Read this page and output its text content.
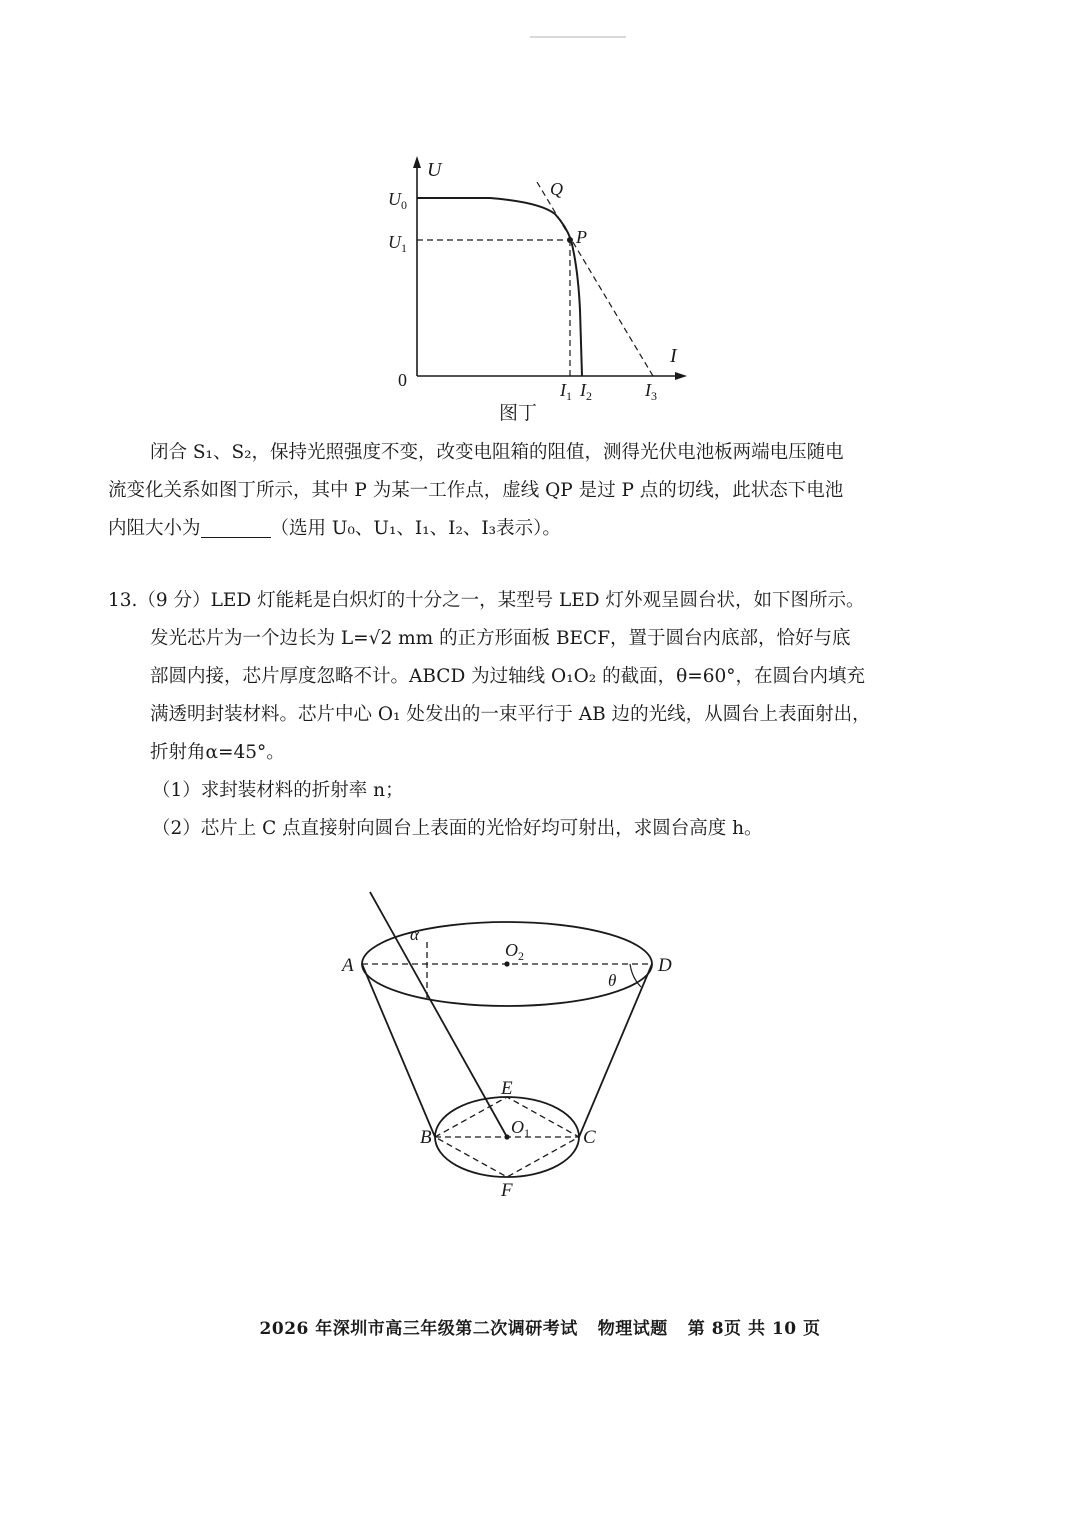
U
I
0
$U_0$
$U_1$
P
Q
$I_1$ $I_2$	$I_3$
图丁
闭合 S₁、S₂，保持光照强度不变，改变电阻箱的阻值，测得光伏电池板两端电压随电
流变化关系如图丁所示，其中 P 为某一工作点，虚线 QP 是过 P 点的切线，此状态下电池
内阻大小为	（选用 U₀、U₁、I₁、I₂、I₃表示）。
13.（9 分）LED 灯能耗是白炽灯的十分之一，某型号 LED 灯外观呈圆台状，如下图所示。
发光芯片为一个边长为 L=√2 mm 的正方形面板 BECF，置于圆台内底部，恰好与底
部圆内接，芯片厚度忽略不计。ABCD 为过轴线 O₁O₂ 的截面，θ=60°，在圆台内填充
满透明封装材料。芯片中心 O₁ 处发出的一束平行于 AB 边的光线，从圆台上表面射出，
折射角α=45°。
（1）求封装材料的折射率 n；
（2）芯片上 C 点直接射向圆台上表面的光恰好均可射出，求圆台高度 h。
A	D
B	C
E
F
$O_1$
$O_2$
α
θ
2026 年深圳市高三年级第二次调研考试 物理试题 第 8页 共 10 页
